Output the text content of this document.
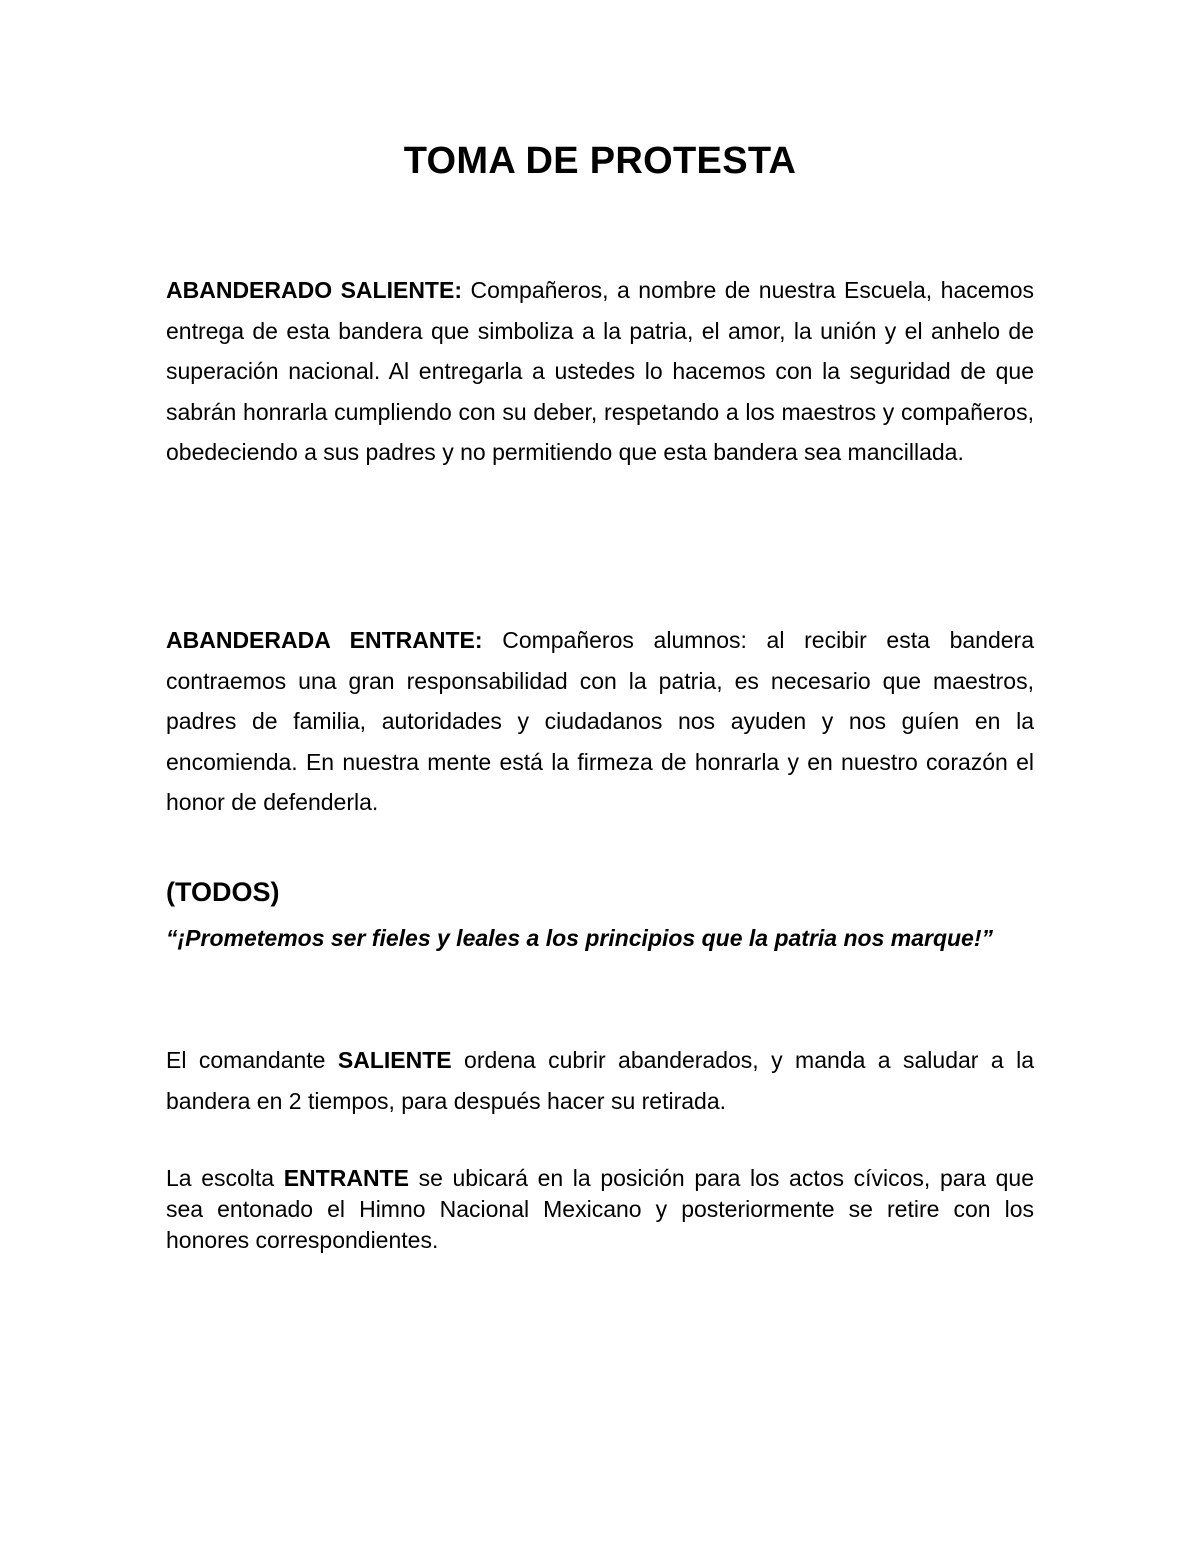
TOMA DE PROTESTA

ABANDERADO SALIENTE: Compañeros, a nombre de nuestra Escuela, hacemos entrega de esta bandera que simboliza a la patria, el amor, la unión y el anhelo de superación nacional. Al entregarla a ustedes lo hacemos con la seguridad de que sabrán honrarla cumpliendo con su deber, respetando a los maestros y compañeros, obedeciendo a sus padres y no permitiendo que esta bandera sea mancillada.

ABANDERADA ENTRANTE: Compañeros alumnos: al recibir esta bandera contraemos una gran responsabilidad con la patria, es necesario que maestros, padres de familia, autoridades y ciudadanos nos ayuden y nos guíen en la encomienda. En nuestra mente está la firmeza de honrarla y en nuestro corazón el honor de defenderla.

(TODOS)

“¡Prometemos ser fieles y leales a los principios que la patria nos marque!”

El comandante SALIENTE ordena cubrir abanderados, y manda a saludar a la bandera en 2 tiempos, para después hacer su retirada.

La escolta ENTRANTE se ubicará en la posición para los actos cívicos, para que sea entonado el Himno Nacional Mexicano y posteriormente se retire con los honores correspondientes.
